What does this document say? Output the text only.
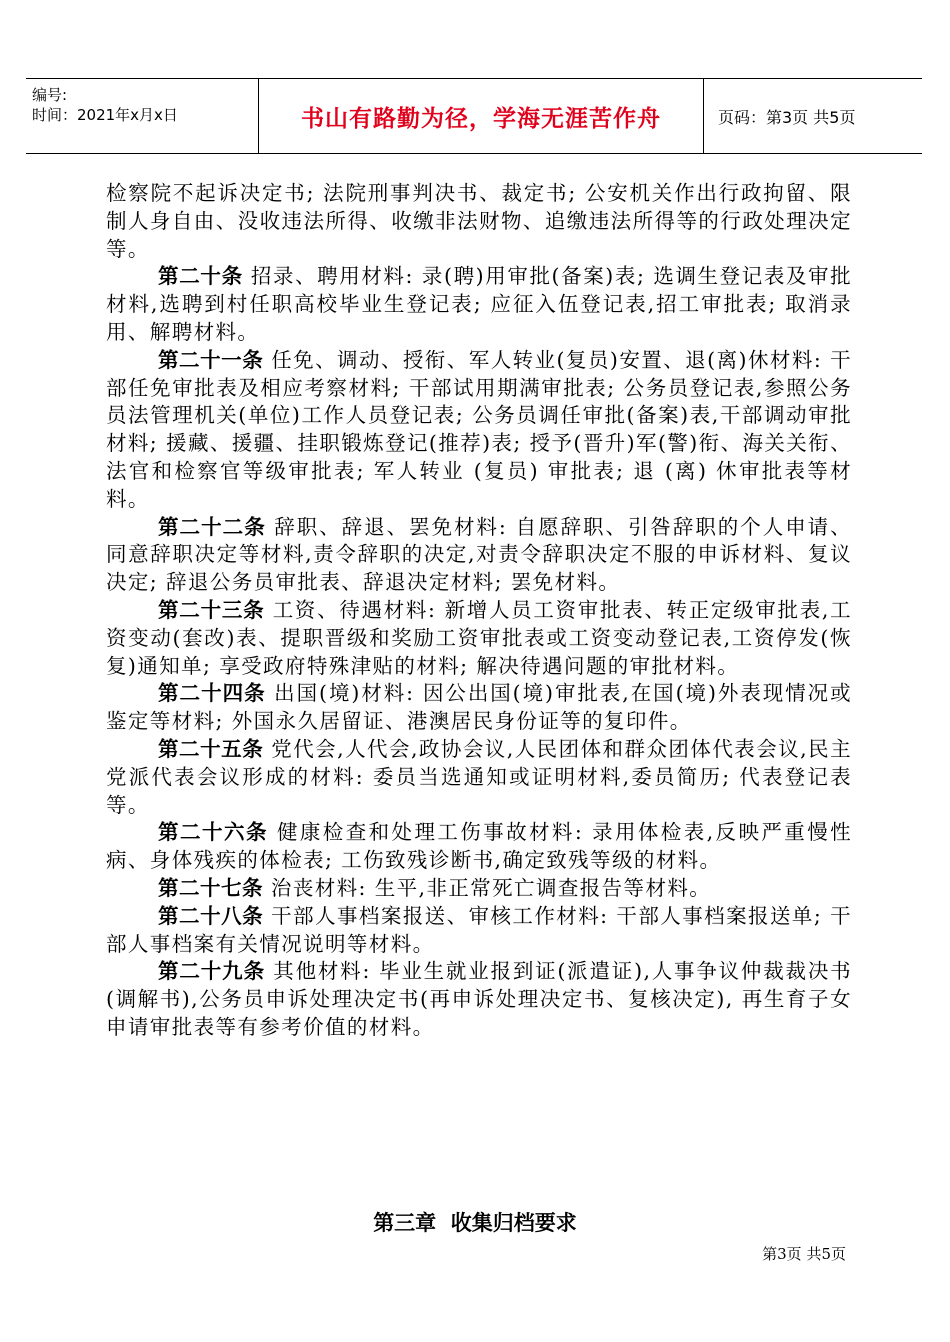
编号:
时间：2021年x月x日	书山有路勤为径，学海无涯苦作舟	页码：第3页 共5页

检察院不起诉决定书; 法院刑事判决书、裁定书; 公安机关作出行政拘留、限制人身自由、没收违法所得、收缴非法财物、追缴违法所得等的行政处理决定等。

第二十条 招录、聘用材料: 录(聘)用审批(备案)表; 选调生登记表及审批材料,选聘到村任职高校毕业生登记表; 应征入伍登记表,招工审批表; 取消录用、解聘材料。

第二十一条 任免、调动、授衔、军人转业(复员)安置、退(离)休材料: 干部任免审批表及相应考察材料; 干部试用期满审批表; 公务员登记表,参照公务员法管理机关(单位)工作人员登记表; 公务员调任审批(备案)表,干部调动审批材料; 援藏、援疆、挂职锻炼登记(推荐)表; 授予(晋升)军(警)衔、海关关衔、法官和检察官等级审批表; 军人转业 (复员) 审批表; 退 (离) 休审批表等材料。

第二十二条 辞职、辞退、罢免材料: 自愿辞职、引咎辞职的个人申请、同意辞职决定等材料,责令辞职的决定,对责令辞职决定不服的申诉材料、复议决定; 辞退公务员审批表、辞退决定材料; 罢免材料。

第二十三条 工资、待遇材料: 新增人员工资审批表、转正定级审批表,工资变动(套改)表、提职晋级和奖励工资审批表或工资变动登记表,工资停发(恢复)通知单; 享受政府特殊津贴的材料; 解决待遇问题的审批材料。

第二十四条 出国(境)材料: 因公出国(境)审批表,在国(境)外表现情况或鉴定等材料; 外国永久居留证、港澳居民身份证等的复印件。

第二十五条 党代会,人代会,政协会议,人民团体和群众团体代表会议,民主党派代表会议形成的材料: 委员当选通知或证明材料,委员简历; 代表登记表等。

第二十六条 健康检查和处理工伤事故材料: 录用体检表,反映严重慢性病、身体残疾的体检表; 工伤致残诊断书,确定致残等级的材料。

第二十七条 治丧材料: 生平,非正常死亡调查报告等材料。

第二十八条 干部人事档案报送、审核工作材料: 干部人事档案报送单; 干部人事档案有关情况说明等材料。

第二十九条 其他材料: 毕业生就业报到证(派遣证),人事争议仲裁裁决书(调解书),公务员申诉处理决定书(再申诉处理决定书、复核决定), 再生育子女申请审批表等有参考价值的材料。

第三章  收集归档要求
第3页 共5页
